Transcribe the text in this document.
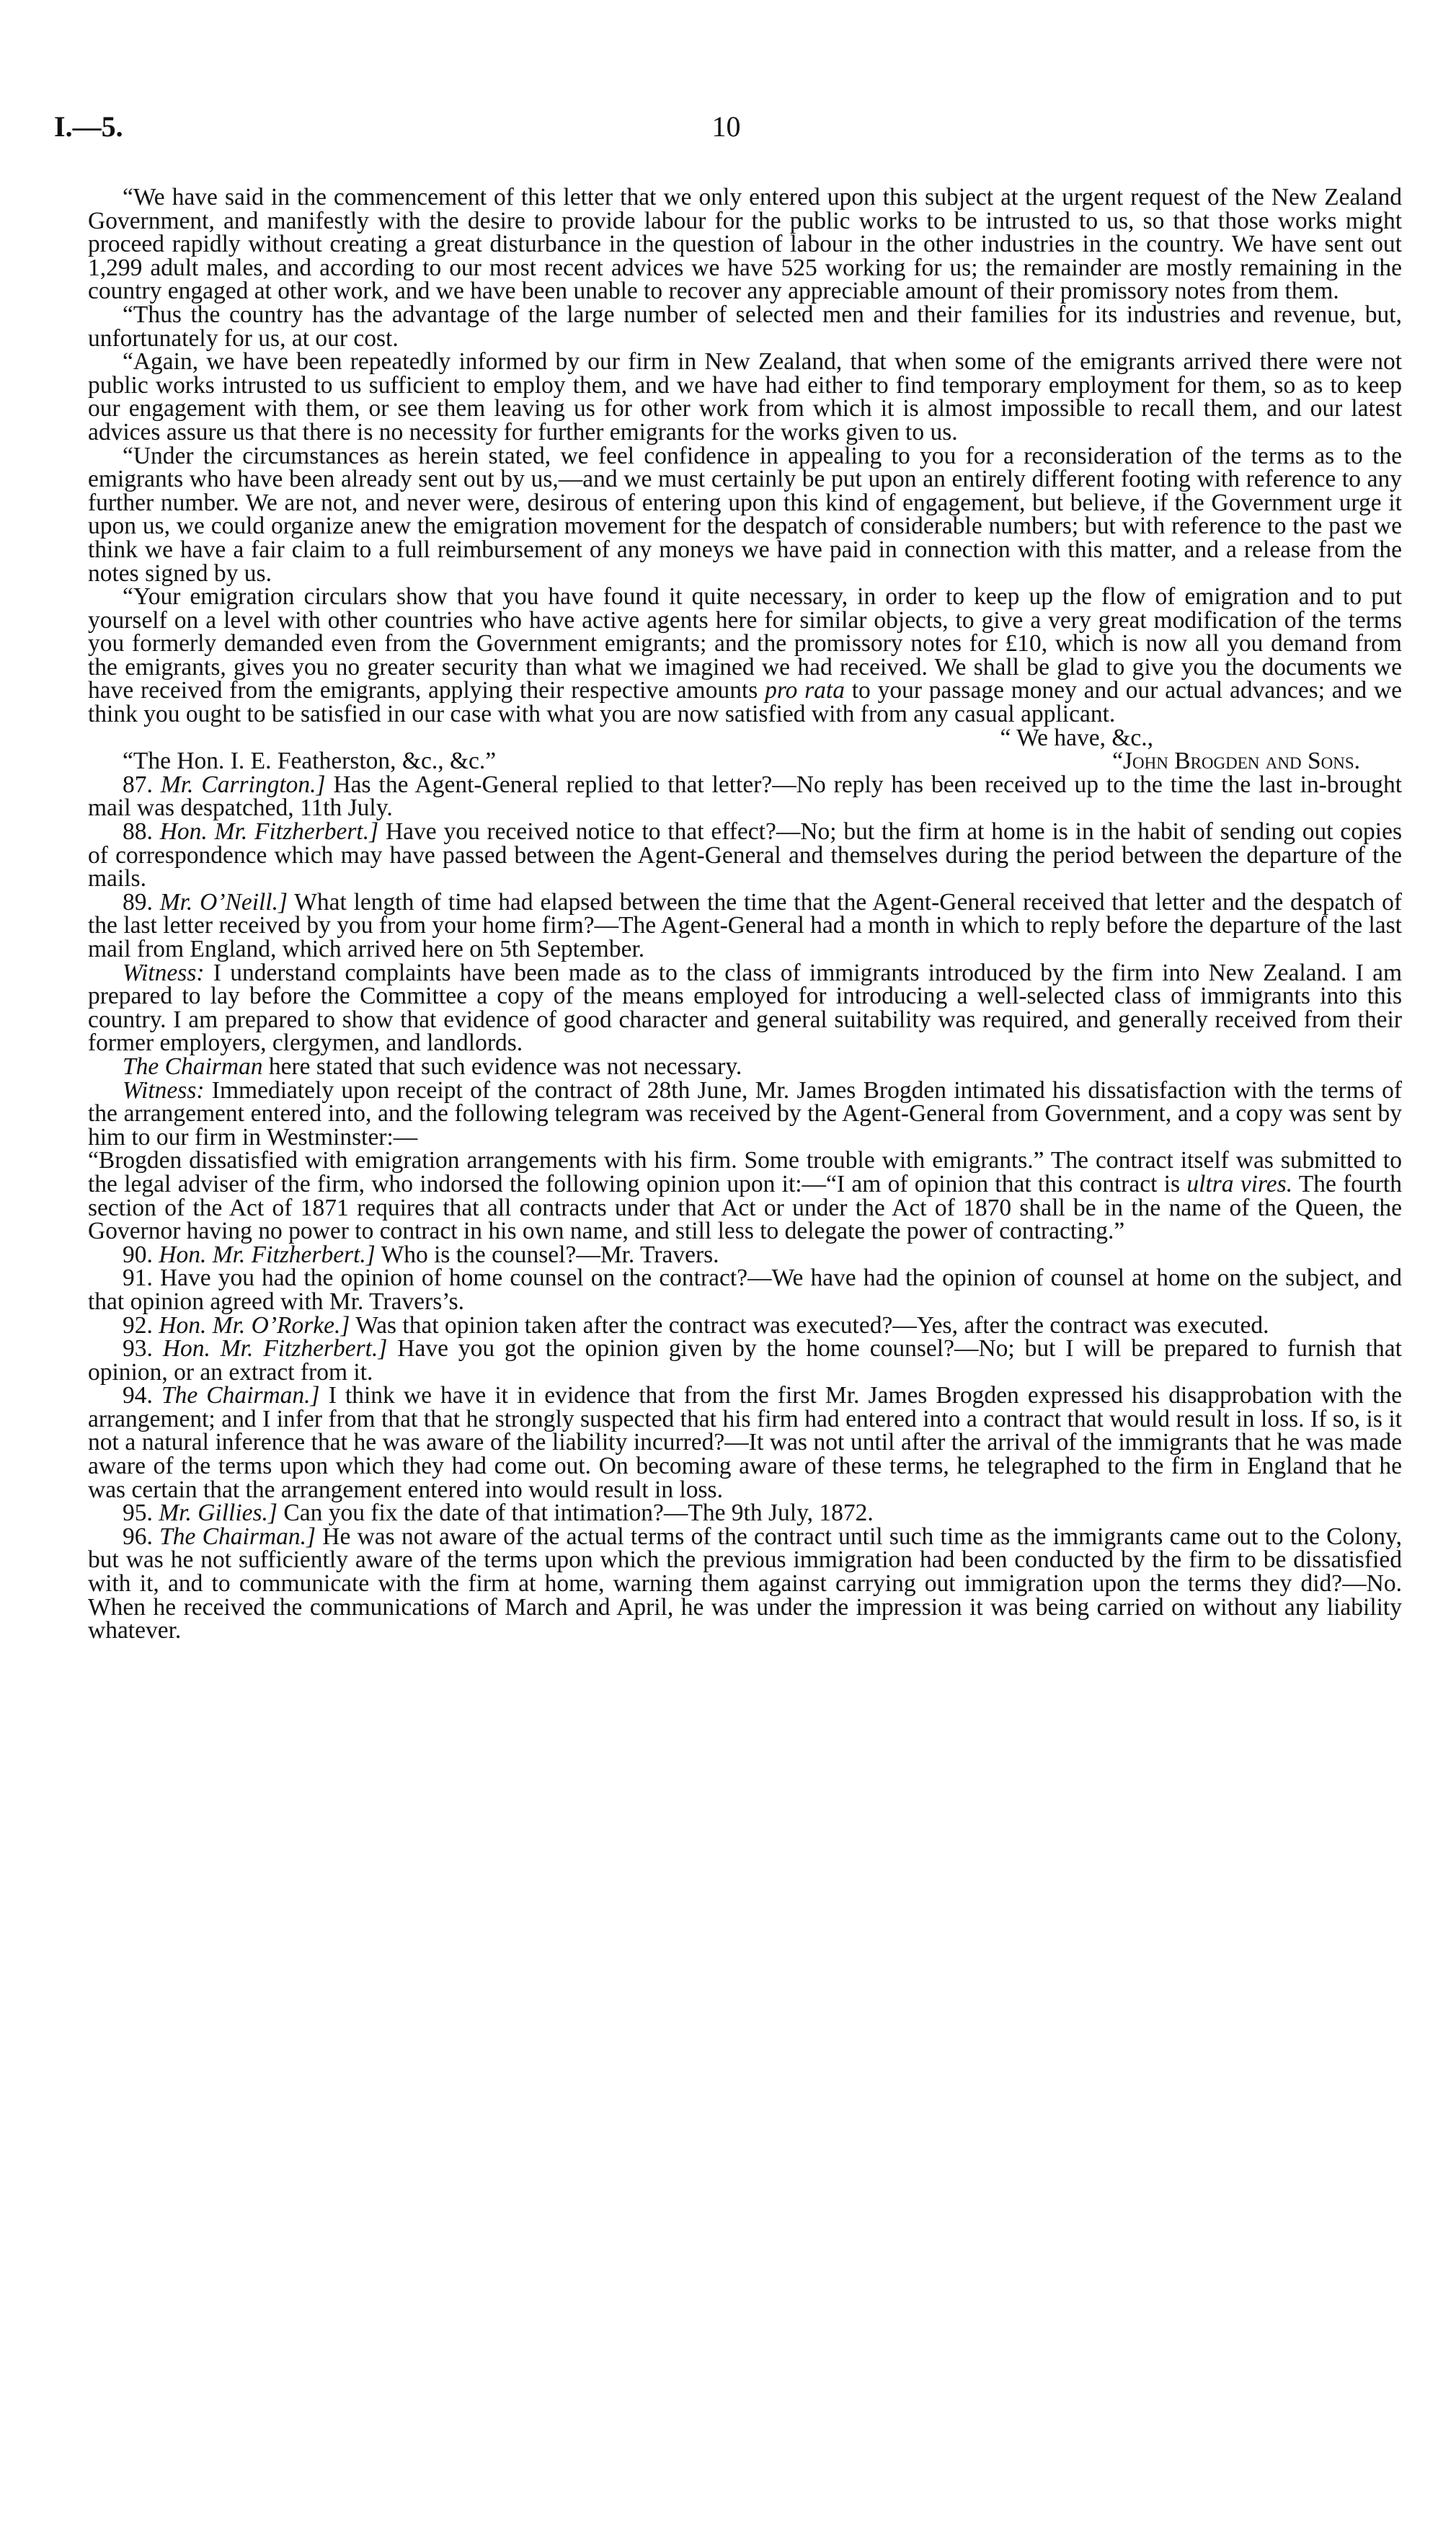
I.—5.	10

“We have said in the commencement of this letter that we only entered upon this subject at the urgent request of the New Zealand Government, and manifestly with the desire to provide labour for the public works to be intrusted to us, so that those works might proceed rapidly without creating a great disturbance in the question of labour in the other industries in the country. We have sent out 1,299 adult males, and according to our most recent advices we have 525 working for us; the remainder are mostly remaining in the country engaged at other work, and we have been unable to recover any appreciable amount of their promissory notes from them.

“Thus the country has the advantage of the large number of selected men and their families for its industries and revenue, but, unfortunately for us, at our cost.

“Again, we have been repeatedly informed by our firm in New Zealand, that when some of the emigrants arrived there were not public works intrusted to us sufficient to employ them, and we have had either to find temporary employment for them, so as to keep our engagement with them, or see them leaving us for other work from which it is almost impossible to recall them, and our latest advices assure us that there is no necessity for further emigrants for the works given to us.

“Under the circumstances as herein stated, we feel confidence in appealing to you for a reconsideration of the terms as to the emigrants who have been already sent out by us,—and we must certainly be put upon an entirely different footing with reference to any further number. We are not, and never were, desirous of entering upon this kind of engagement, but believe, if the Government urge it upon us, we could organize anew the emigration movement for the despatch of considerable numbers; but with reference to the past we think we have a fair claim to a full reimbursement of any moneys we have paid in connection with this matter, and a release from the notes signed by us.

“Your emigration circulars show that you have found it quite necessary, in order to keep up the flow of emigration and to put yourself on a level with other countries who have active agents here for similar objects, to give a very great modification of the terms you formerly demanded even from the Government emigrants; and the promissory notes for £10, which is now all you demand from the emigrants, gives you no greater security than what we imagined we had received. We shall be glad to give you the documents we have received from the emigrants, applying their respective amounts pro rata to your passage money and our actual advances; and we think you ought to be satisfied in our case with what you are now satisfied with from any casual applicant.

“ We have, &c.,

“The Hon. I. E. Featherston, &c., &c.”	“John Brogden and Sons.

87. Mr. Carrington.] Has the Agent-General replied to that letter?—No reply has been received up to the time the last in-brought mail was despatched, 11th July.

88. Hon. Mr. Fitzherbert.] Have you received notice to that effect?—No; but the firm at home is in the habit of sending out copies of correspondence which may have passed between the Agent-General and themselves during the period between the departure of the mails.

89. Mr. O’Neill.] What length of time had elapsed between the time that the Agent-General received that letter and the despatch of the last letter received by you from your home firm?—The Agent-General had a month in which to reply before the departure of the last mail from England, which arrived here on 5th September.

Witness: I understand complaints have been made as to the class of immigrants introduced by the firm into New Zealand. I am prepared to lay before the Committee a copy of the means employed for introducing a well-selected class of immigrants into this country. I am prepared to show that evidence of good character and general suitability was required, and generally received from their former employers, clergymen, and landlords.

The Chairman here stated that such evidence was not necessary.

Witness: Immediately upon receipt of the contract of 28th June, Mr. James Brogden intimated his dissatisfaction with the terms of the arrangement entered into, and the following telegram was received by the Agent-General from Government, and a copy was sent by him to our firm in Westminster:—

“Brogden dissatisfied with emigration arrangements with his firm. Some trouble with emigrants.” The contract itself was submitted to the legal adviser of the firm, who indorsed the following opinion upon it:—“I am of opinion that this contract is ultra vires. The fourth section of the Act of 1871 requires that all contracts under that Act or under the Act of 1870 shall be in the name of the Queen, the Governor having no power to contract in his own name, and still less to delegate the power of contracting.”

90. Hon. Mr. Fitzherbert.] Who is the counsel?—Mr. Travers.

91. Have you had the opinion of home counsel on the contract?—We have had the opinion of counsel at home on the subject, and that opinion agreed with Mr. Travers’s.

92. Hon. Mr. O’Rorke.] Was that opinion taken after the contract was executed?—Yes, after the contract was executed.

93. Hon. Mr. Fitzherbert.] Have you got the opinion given by the home counsel?—No; but I will be prepared to furnish that opinion, or an extract from it.

94. The Chairman.] I think we have it in evidence that from the first Mr. James Brogden expressed his disapprobation with the arrangement; and I infer from that that he strongly suspected that his firm had entered into a contract that would result in loss. If so, is it not a natural inference that he was aware of the liability incurred?—It was not until after the arrival of the immigrants that he was made aware of the terms upon which they had come out. On becoming aware of these terms, he telegraphed to the firm in England that he was certain that the arrangement entered into would result in loss.

95. Mr. Gillies.] Can you fix the date of that intimation?—The 9th July, 1872.

96. The Chairman.] He was not aware of the actual terms of the contract until such time as the immigrants came out to the Colony, but was he not sufficiently aware of the terms upon which the previous immigration had been conducted by the firm to be dissatisfied with it, and to communicate with the firm at home, warning them against carrying out immigration upon the terms they did?—No. When he received the communications of March and April, he was under the impression it was being carried on without any liability whatever.
